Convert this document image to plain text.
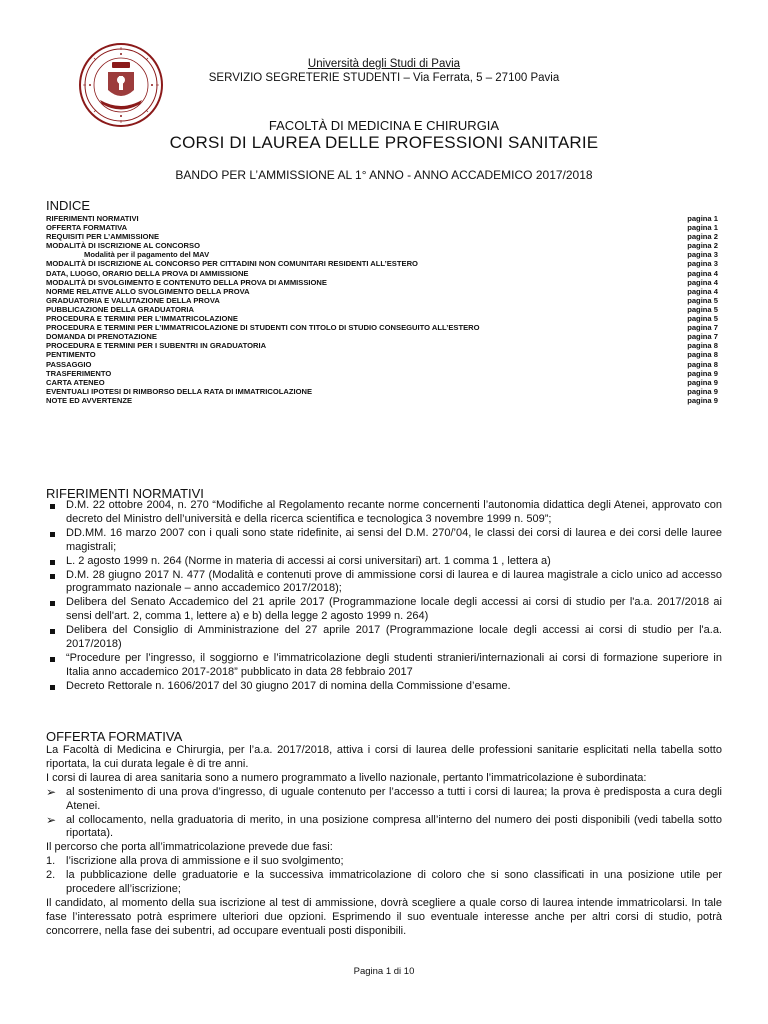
Università degli Studi di Pavia
SERVIZIO SEGRETERIE STUDENTI – Via Ferrata, 5 – 27100 Pavia
FACOLTÀ DI MEDICINA E CHIRURGIA
CORSI DI LAUREA DELLE PROFESSIONI SANITARIE
BANDO PER L’AMMISSIONE AL 1° ANNO - ANNO ACCADEMICO 2017/2018
INDICE
RIFERIMENTI NORMATIVI	pagina 1
OFFERTA FORMATIVA	pagina 1
REQUISITI PER L’AMMISSIONE	pagina 2
MODALITÀ DI ISCRIZIONE AL CONCORSO	pagina 2
Modalità per il pagamento del MAV	pagina 3
MODALITÀ DI ISCRIZIONE AL CONCORSO PER CITTADINI NON COMUNITARI RESIDENTI ALL’ESTERO	pagina 3
DATA, LUOGO, ORARIO DELLA PROVA DI AMMISSIONE	pagina 4
MODALITÀ DI SVOLGIMENTO E CONTENUTO DELLA PROVA DI AMMISSIONE	pagina 4
NORME RELATIVE ALLO SVOLGIMENTO DELLA PROVA	pagina 4
GRADUATORIA E VALUTAZIONE DELLA PROVA	pagina 5
PUBBLICAZIONE DELLA GRADUATORIA	pagina 5
PROCEDURA E TERMINI PER L’IMMATRICOLAZIONE	pagina 5
PROCEDURA E TERMINI PER L’IMMATRICOLAZIONE DI STUDENTI CON TITOLO DI STUDIO CONSEGUITO ALL’ESTERO	pagina 7
DOMANDA DI PRENOTAZIONE	pagina 7
PROCEDURA E TERMINI PER I SUBENTRI IN GRADUATORIA	pagina 8
PENTIMENTO	pagina 8
PASSAGGIO	pagina 8
TRASFERIMENTO	pagina 9
CARTA ATENEO	pagina 9
EVENTUALI IPOTESI DI RIMBORSO DELLA RATA DI IMMATRICOLAZIONE	pagina 9
NOTE ED AVVERTENZE	pagina 9
RIFERIMENTI NORMATIVI
D.M. 22 ottobre 2004, n. 270 “Modifiche al Regolamento recante norme concernenti l’autonomia didattica degli Atenei, approvato con decreto del Ministro dell’università e della ricerca scientifica e tecnologica 3 novembre 1999 n. 509”;
DD.MM. 16 marzo 2007 con i quali sono state ridefinite, ai sensi del D.M. 270/’04, le classi dei corsi di laurea e dei corsi delle lauree magistrali;
L. 2 agosto 1999 n. 264 (Norme in materia di accessi ai corsi universitari) art. 1 comma 1 , lettera a)
D.M. 28 giugno 2017 N. 477 (Modalità e contenuti prove di ammissione corsi di laurea e di laurea magistrale a ciclo unico ad accesso programmato nazionale – anno accademico 2017/2018);
Delibera del Senato Accademico del 21 aprile 2017 (Programmazione locale degli accessi ai corsi di studio per l'a.a. 2017/2018 ai sensi dell'art. 2, comma 1, lettere a) e b) della legge 2 agosto 1999 n. 264)
Delibera del Consiglio di Amministrazione del 27 aprile 2017 (Programmazione locale degli accessi ai corsi di studio per l'a.a. 2017/2018)
“Procedure per l’ingresso, il soggiorno e l’immatricolazione degli studenti stranieri/internazionali ai corsi di formazione superiore in Italia anno accademico 2017-2018” pubblicato in data 28 febbraio 2017
Decreto Rettorale n. 1606/2017 del 30 giugno 2017 di nomina della Commissione d’esame.
OFFERTA FORMATIVA

La Facoltà di Medicina e Chirurgia, per l’a.a. 2017/2018, attiva i corsi di laurea delle professioni sanitarie esplicitati nella tabella sotto riportata, la cui durata legale è di tre anni.

I corsi di laurea di area sanitaria sono a numero programmato a livello nazionale, pertanto l’immatricolazione è subordinata:

➢ al sostenimento di una prova d’ingresso, di uguale contenuto per l’accesso a tutti i corsi di laurea; la prova è predisposta a cura degli Atenei.
➢ al collocamento, nella graduatoria di merito, in una posizione compresa all’interno del numero dei posti disponibili (vedi tabella sotto riportata).

Il percorso che porta all’immatricolazione prevede due fasi:

1. l’iscrizione alla prova di ammissione e il suo svolgimento;
2. la pubblicazione delle graduatorie e la successiva immatricolazione di coloro che si sono classificati in una posizione utile per procedere all’iscrizione;

Il candidato, al momento della sua iscrizione al test di ammissione, dovrà scegliere a quale corso di laurea intende immatricolarsi. In tale fase l’interessato potrà esprimere ulteriori due opzioni. Esprimendo il suo eventuale interesse anche per altri corsi di studio, potrà concorrere, nella fase dei subentri, ad occupare eventuali posti disponibili.

Pagina 1 di 10
